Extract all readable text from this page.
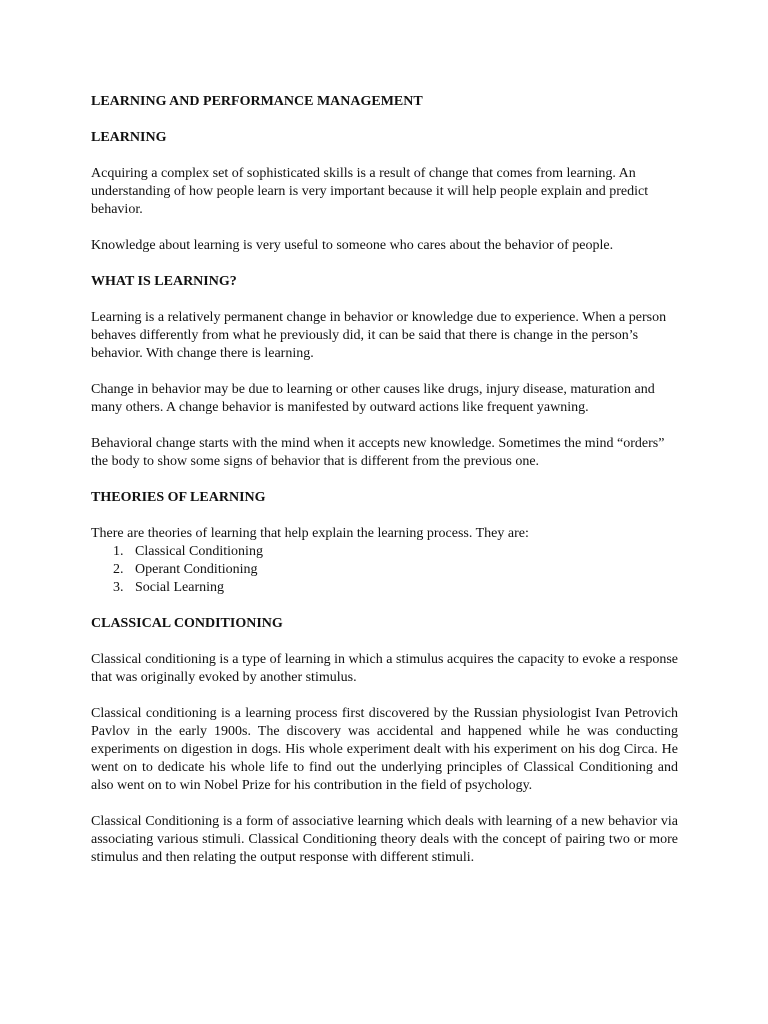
LEARNING AND PERFORMANCE MANAGEMENT

LEARNING

Acquiring a complex set of sophisticated skills is a result of change that comes from learning. An understanding of how people learn is very important because it will help people explain and predict behavior.

Knowledge about learning is very useful to someone who cares about the behavior of people.

WHAT IS LEARNING?

Learning is a relatively permanent change in behavior or knowledge due to experience. When a person behaves differently from what he previously did, it can be said that there is change in the person’s behavior. With change there is learning.

Change in behavior may be due to learning or other causes like drugs, injury disease, maturation and many others. A change behavior is manifested by outward actions like frequent yawning.

Behavioral change starts with the mind when it accepts new knowledge. Sometimes the mind “orders” the body to show some signs of behavior that is different from the previous one.

THEORIES OF LEARNING

There are theories of learning that help explain the learning process. They are:

1. Classical Conditioning
2. Operant Conditioning
3. Social Learning

CLASSICAL CONDITIONING

Classical conditioning is a type of learning in which a stimulus acquires the capacity to evoke a response that was originally evoked by another stimulus.

Classical conditioning is a learning process first discovered by the Russian physiologist Ivan Petrovich Pavlov in the early 1900s. The discovery was accidental and happened while he was conducting experiments on digestion in dogs. His whole experiment dealt with his experiment on his dog Circa. He went on to dedicate his whole life to find out the underlying principles of Classical Conditioning and also went on to win Nobel Prize for his contribution in the field of psychology.

Classical Conditioning is a form of associative learning which deals with learning of a new behavior via associating various stimuli. Classical Conditioning theory deals with the concept of pairing two or more stimulus and then relating the output response with different stimuli.
